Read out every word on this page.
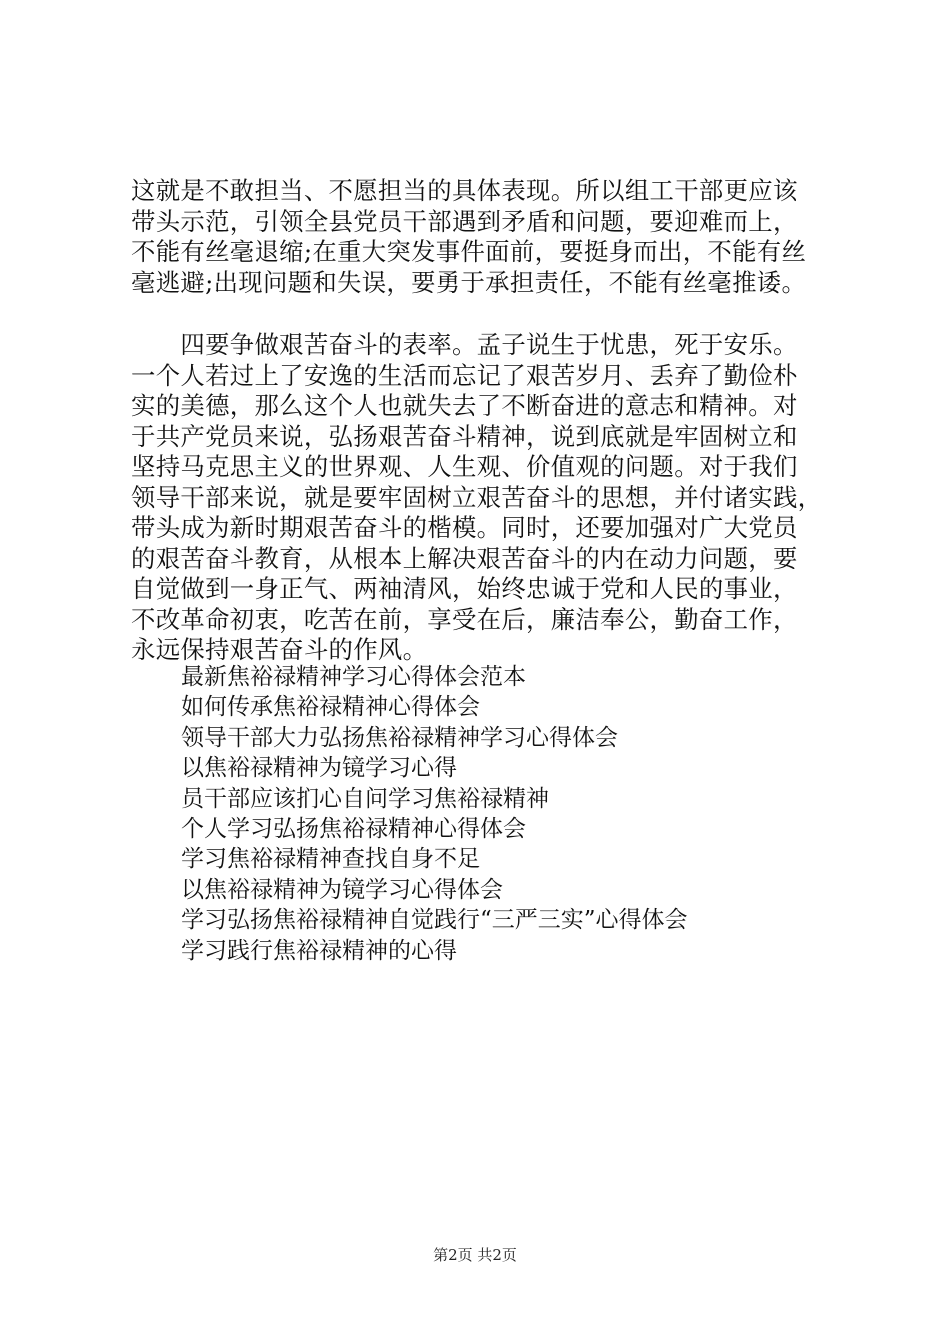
这就是不敢担当、不愿担当的具体表现。所以组工干部更应该
带头示范，引领全县党员干部遇到矛盾和问题，要迎难而上，
不能有丝毫退缩;在重大突发事件面前，要挺身而出，不能有丝
毫逃避;出现问题和失误，要勇于承担责任，不能有丝毫推诿。

　　四要争做艰苦奋斗的表率。孟子说生于忧患，死于安乐。
一个人若过上了安逸的生活而忘记了艰苦岁月、丢弃了勤俭朴
实的美德，那么这个人也就失去了不断奋进的意志和精神。对
于共产党员来说，弘扬艰苦奋斗精神，说到底就是牢固树立和
坚持马克思主义的世界观、人生观、价值观的问题。对于我们
领导干部来说，就是要牢固树立艰苦奋斗的思想，并付诸实践，
带头成为新时期艰苦奋斗的楷模。同时，还要加强对广大党员
的艰苦奋斗教育，从根本上解决艰苦奋斗的内在动力问题，要
自觉做到一身正气、两袖清风，始终忠诚于党和人民的事业，
不改革命初衷，吃苦在前，享受在后，廉洁奉公，勤奋工作，
永远保持艰苦奋斗的作风。

最新焦裕禄精神学习心得体会范本
如何传承焦裕禄精神心得体会
领导干部大力弘扬焦裕禄精神学习心得体会
以焦裕禄精神为镜学习心得
员干部应该扪心自问学习焦裕禄精神
个人学习弘扬焦裕禄精神心得体会
学习焦裕禄精神查找自身不足
以焦裕禄精神为镜学习心得体会
学习弘扬焦裕禄精神自觉践行“三严三实”心得体会
学习践行焦裕禄精神的心得
第2页 共2页
